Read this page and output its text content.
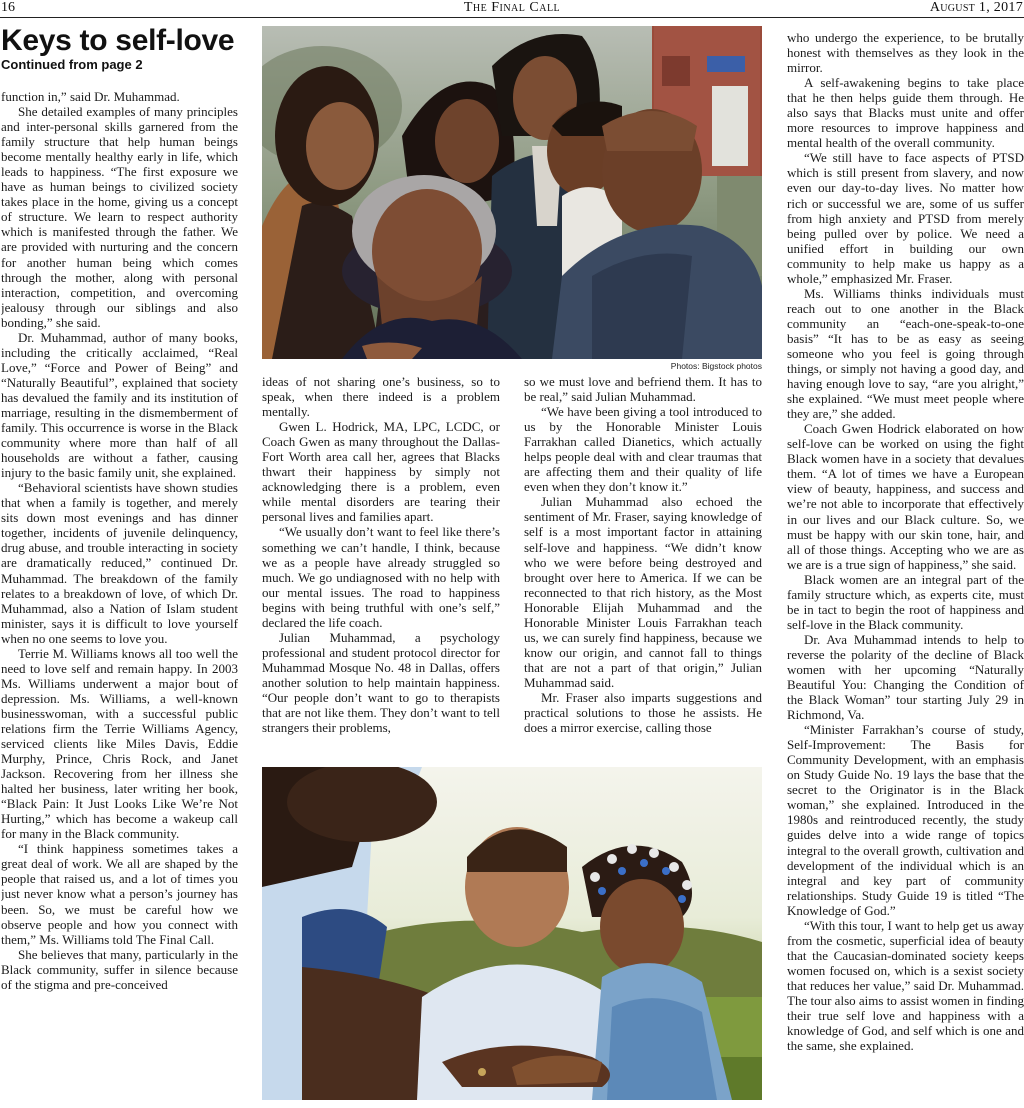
16	The Final Call	August 1, 2017
Keys to self-love
Continued from page 2

function in,” said Dr. Muhammad.

She detailed examples of many principles and inter-personal skills garnered from the family structure that help human beings become mentally healthy early in life, which leads to happiness. “The first exposure we have as human beings to civilized society takes place in the home, giving us a concept of structure. We learn to respect authority which is manifested through the father. We are provided with nurturing and the concern for another human being which comes through the mother, along with personal interaction, competition, and overcoming jealousy through our siblings and also bonding,” she said.

Dr. Muhammad, author of many books, including the critically acclaimed, “Real Love,” “Force and Power of Being” and “Naturally Beautiful”, explained that society has devalued the family and its institution of marriage, resulting in the dismemberment of family. This occurrence is worse in the Black community where more than half of all households are without a father, causing injury to the basic family unit, she explained.

“Behavioral scientists have shown studies that when a family is together, and merely sits down most evenings and has dinner together, incidents of juvenile delinquency, drug abuse, and trouble interacting in society are dramatically reduced,” continued Dr. Muhammad. The breakdown of the family relates to a breakdown of love, of which Dr. Muhammad, also a Nation of Islam student minister, says it is difficult to love yourself when no one seems to love you.

Terrie M. Williams knows all too well the need to love self and remain happy. In 2003 Ms. Williams underwent a major bout of depression. Ms. Williams, a well-known businesswoman, with a successful public relations firm the Terrie Williams Agency, serviced clients like Miles Davis, Eddie Murphy, Prince, Chris Rock, and Janet Jackson. Recovering from her illness she halted her business, later writing her book, “Black Pain: It Just Looks Like We’re Not Hurting,” which has become a wakeup call for many in the Black community.

“I think happiness sometimes takes a great deal of work. We all are shaped by the people that raised us, and a lot of times you just never know what a person’s journey has been. So, we must be careful how we observe people and how you connect with them,” Ms. Williams told The Final Call.

She believes that many, particularly in the Black community, suffer in silence because of the stigma and pre-conceived

ideas of not sharing one’s business, so to speak, when there indeed is a problem mentally.

Gwen L. Hodrick, MA, LPC, LCDC, or Coach Gwen as many throughout the Dallas- Fort Worth area call her, agrees that Blacks thwart their happiness by simply not acknowledging there is a problem, even while mental disorders are tearing their personal lives and families apart.

“We usually don’t want to feel like there’s something we can’t handle, I think, because we as a people have already struggled so much. We go undiagnosed with no help with our mental issues. The road to happiness begins with being truthful with one’s self,” declared the life coach.

Julian Muhammad, a psychology professional and student protocol director for Muhammad Mosque No. 48 in Dallas, offers another solution to help maintain happiness. “Our people don’t want to go to therapists that are not like them. They don’t want to tell strangers their problems,

so we must love and befriend them. It has to be real,” said Julian Muhammad.

“We have been giving a tool introduced to us by the Honorable Minister Louis Farrakhan called Dianetics, which actually helps people deal with and clear traumas that are affecting them and their quality of life even when they don’t know it.”

Julian Muhammad also echoed the sentiment of Mr. Fraser, saying knowledge of self is a most important factor in attaining self-love and happiness. “We didn’t know who we were before being destroyed and brought over here to America. If we can be reconnected to that rich history, as the Most Honorable Elijah Muhammad and the Honorable Minister Louis Farrakhan teach us, we can surely find happiness, because we know our origin, and cannot fall to things that are not a part of that origin,” Julian Muhammad said.

Mr. Fraser also imparts suggestions and practical solutions to those he assists. He does a mirror exercise, calling those

who undergo the experience, to be brutally honest with themselves as they look in the mirror.

A self-awakening begins to take place that he then helps guide them through. He also says that Blacks must unite and offer more resources to improve happiness and mental health of the overall community.

“We still have to face aspects of PTSD which is still present from slavery, and now even our day-to-day lives. No matter how rich or successful we are, some of us suffer from high anxiety and PTSD from merely being pulled over by police. We need a unified effort in building our own community to help make us happy as a whole,” emphasized Mr. Fraser.

Ms. Williams thinks individuals must reach out to one another in the Black community an “each-one-speak-to-one basis” “It has to be as easy as seeing someone who you feel is going through things, or simply not having a good day, and having enough love to say, “are you alright,” she explained. “We must meet people where they are,” she added.

Coach Gwen Hodrick elaborated on how self-love can be worked on using the fight Black women have in a society that devalues them. “A lot of times we have a European view of beauty, happiness, and success and we’re not able to incorporate that effectively in our lives and our Black culture. So, we must be happy with our skin tone, hair, and all of those things. Accepting who we are as we are is a true sign of happiness,” she said.

Black women are an integral part of the family structure which, as experts cite, must be in tact to begin the root of happiness and self-love in the Black community.

Dr. Ava Muhammad intends to help to reverse the polarity of the decline of Black women with her upcoming “Naturally Beautiful You: Changing the Condition of the Black Woman” tour starting July 29 in Richmond, Va.

“Minister Farrakhan’s course of study, Self-Improvement: The Basis for Community Development, with an emphasis on Study Guide No. 19 lays the base that the secret to the Originator is in the Black woman,” she explained. Introduced in the 1980s and reintroduced recently, the study guides delve into a wide range of topics integral to the overall growth, cultivation and development of the individual which is an integral and key part of community relationships. Study Guide 19 is titled “The Knowledge of God.”

“With this tour, I want to help get us away from the cosmetic, superficial idea of beauty that the Caucasian-dominated society keeps women focused on, which is a sexist society that reduces her value,” said Dr. Muhammad. The tour also aims to assist women in finding their true self love and happiness with a knowledge of God, and self which is one and the same, she explained.

Photos: Bigstock photos
